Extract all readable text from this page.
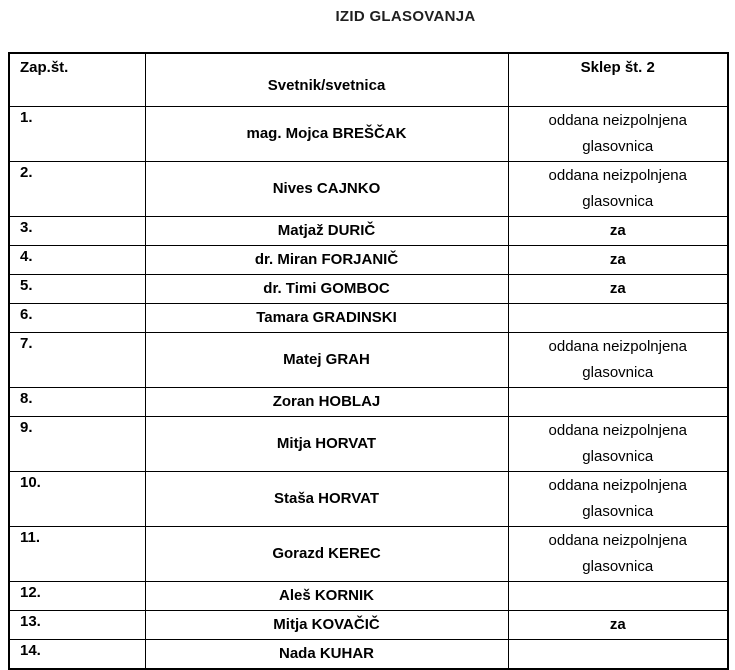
IZID GLASOVANJA
Zap.št.	Svetnik/svetnica	Sklep št. 2
1.	mag. Mojca BREŠČAK	oddana neizpolnjena glasovnica
2.	Nives CAJNKO	oddana neizpolnjena glasovnica
3.	Matjaž DURIČ	za
4.	dr. Miran FORJANIČ	za
5.	dr. Timi GOMBOC	za
6.	Tamara GRADINSKI	
7.	Matej GRAH	oddana neizpolnjena glasovnica
8.	Zoran HOBLAJ	
9.	Mitja HORVAT	oddana neizpolnjena glasovnica
10.	Staša HORVAT	oddana neizpolnjena glasovnica
11.	Gorazd KEREC	oddana neizpolnjena glasovnica
12.	Aleš KORNIK	
13.	Mitja KOVAČIČ	za
14.	Nada KUHAR	
